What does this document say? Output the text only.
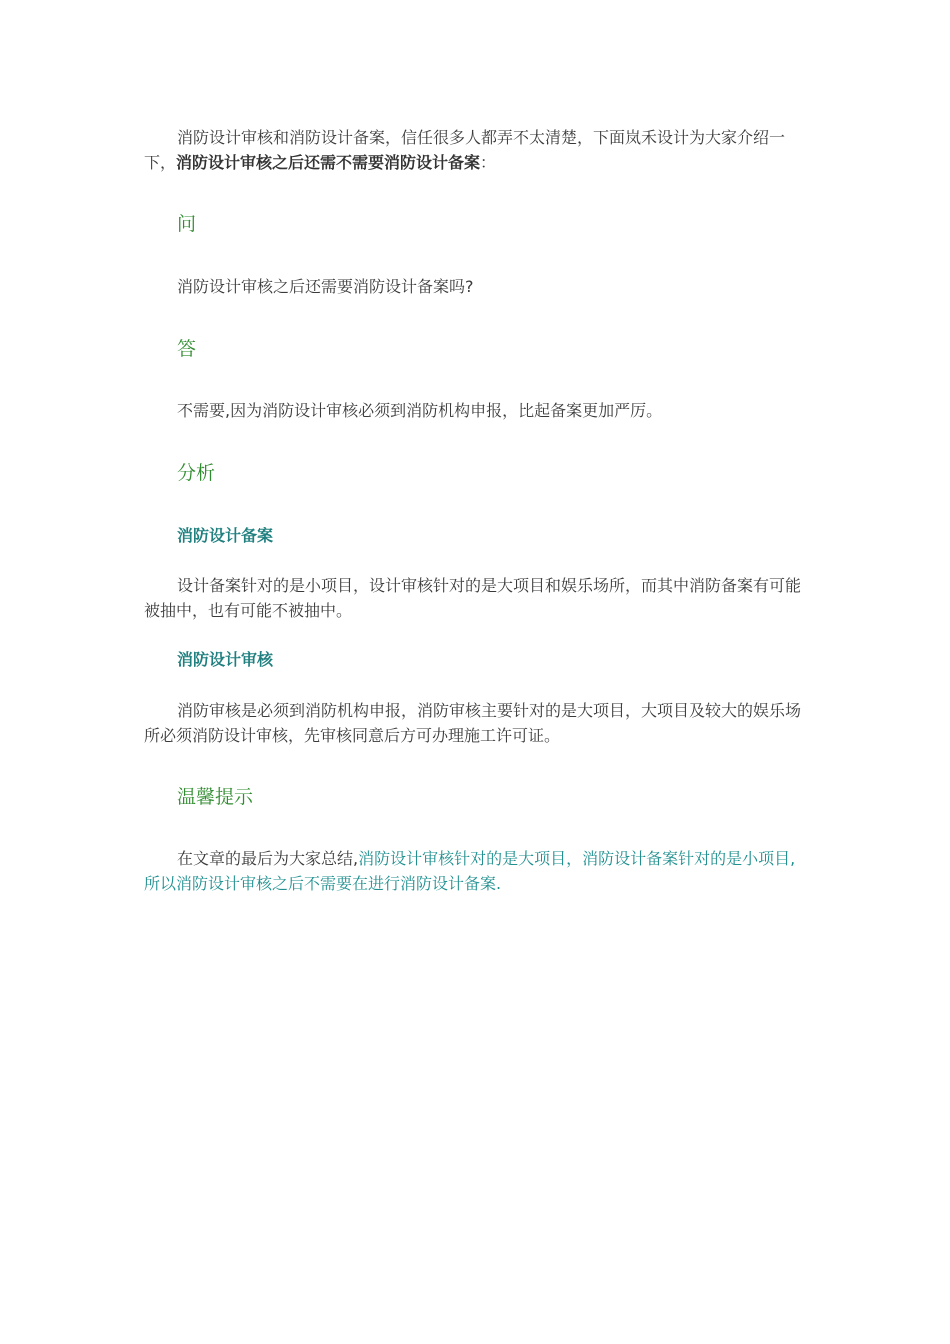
消防设计审核和消防设计备案，信任很多人都弄不太清楚，下面岚禾设计为大家介绍一下，消防设计审核之后还需不需要消防设计备案：

问

消防设计审核之后还需要消防设计备案吗?

答

不需要,因为消防设计审核必须到消防机构申报，比起备案更加严厉。

分析
消防设计备案

设计备案针对的是小项目，设计审核针对的是大项目和娱乐场所，而其中消防备案有可能被抽中，也有可能不被抽中。

消防设计审核

消防审核是必须到消防机构申报，消防审核主要针对的是大项目，大项目及较大的娱乐场所必须消防设计审核，先审核同意后方可办理施工许可证。

温馨提示

在文章的最后为大家总结,消防设计审核针对的是大项目，消防设计备案针对的是小项目,所以消防设计审核之后不需要在进行消防设计备案.
